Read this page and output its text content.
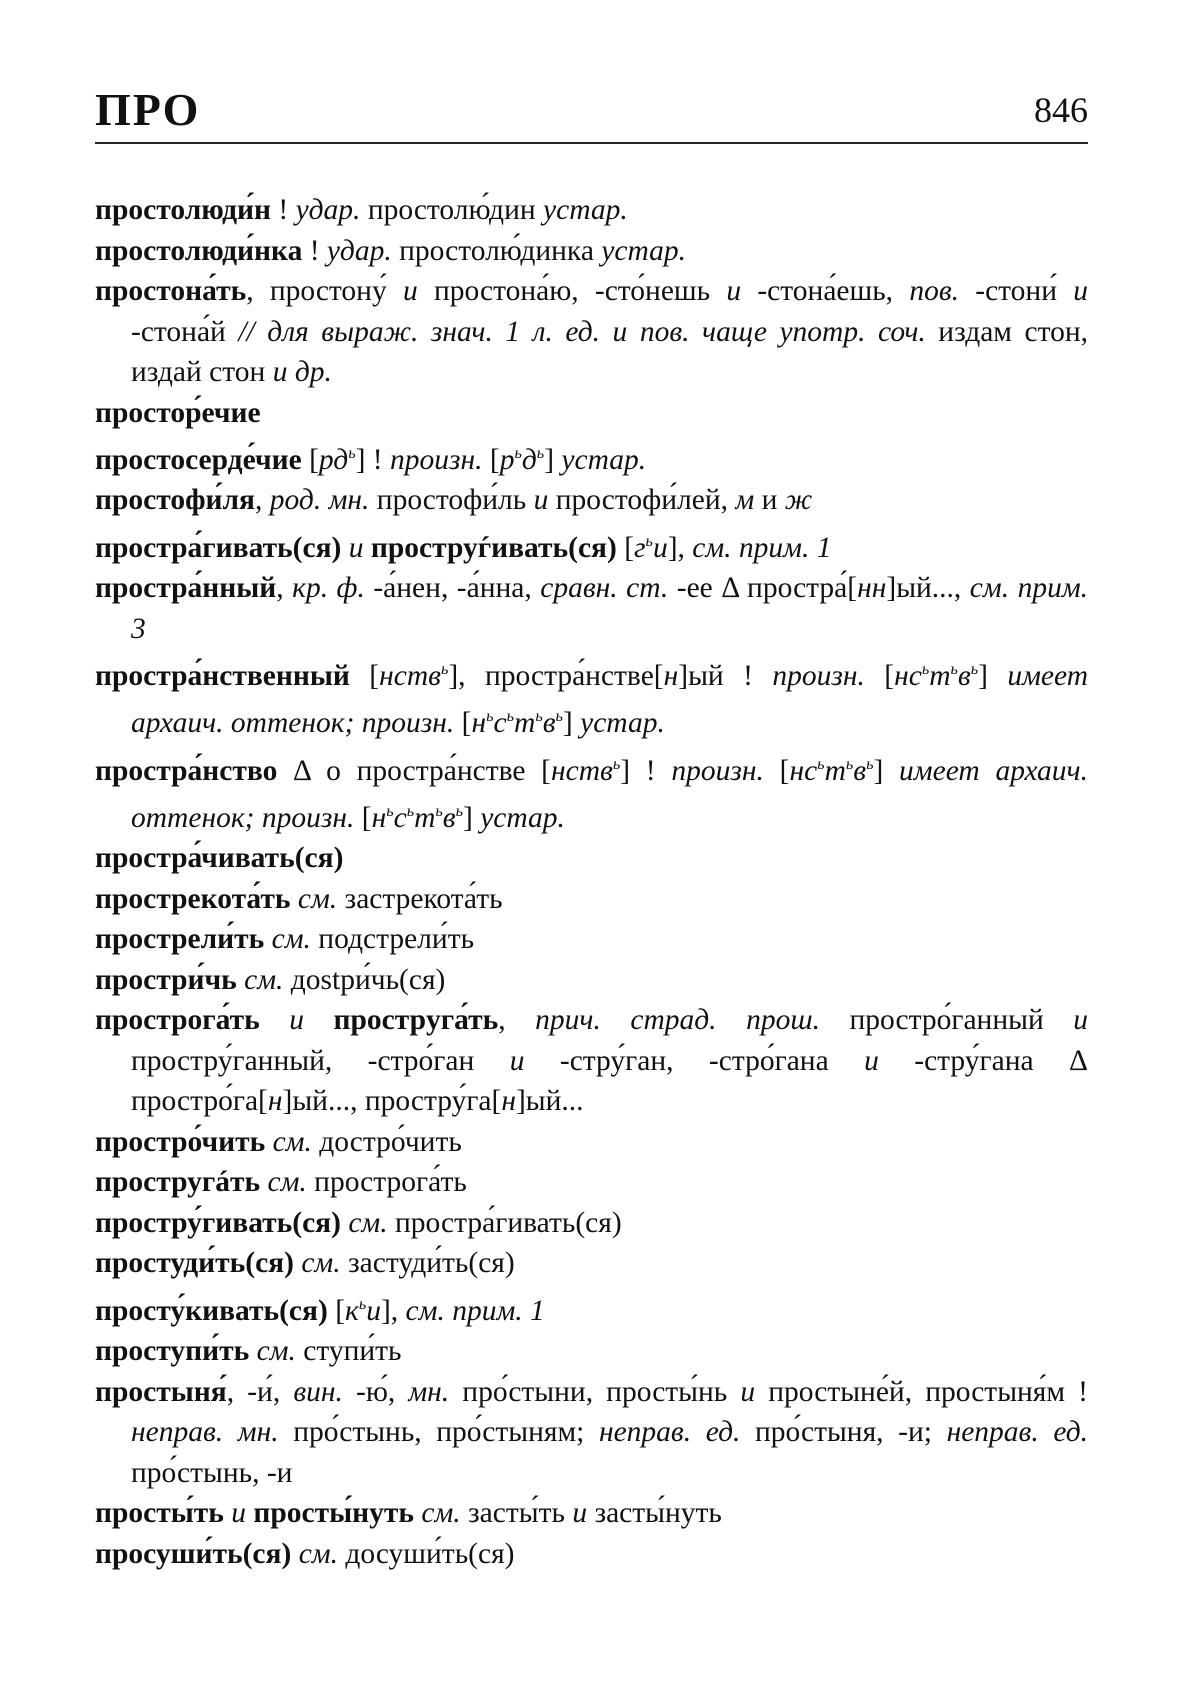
ПРО	846

простолюди́н ! удар. простолю́дин устар.

простолюди́нка ! удар. простолю́динка устар.

простона́ть, простону́ и простона́ю, -сто́нешь и -стона́ешь, пов. -стони́ и -стона́й // для выраж. знач. 1 л. ед. и пов. чаще употр. соч. издам стон, издай стон и др.

простор́ечие

простосерде́чие $[рд^ь]$ ! произн. $[р^ьд^ь]$ устар.

простофи́ля, род. мн. простофи́ль и простофи́лей, м и ж

простра́гивать(ся) и проструѓивать(ся) $[г^ьи]$, см. прим. 1

простра́нный, кр. ф. -а́нен, -а́нна, сравн. ст. -ее Δ простра́[нн]ый..., см. прим. 3

простра́нственный [нств$^ь$], простра́нстве[н]ый ! произн. $[нс^ьт^ьв^ь]$ имеет архаич. оттенок; произн. $[н^ьс^ьт^ьв^ь]$ устар.

простра́нство Δ о простра́нстве [нств$^ь$] ! произн. $[нс^ьт^ьв^ь]$ имеет архаич. оттенок; произн. $[н^ьс^ьт^ьв^ь]$ устар.

простра́чивать(ся)

прострекота́ть см. застрекота́ть

прострели́ть см. подстрели́ть

простри́чь см. дostри́чь(ся)

прострога́ть и прострyга́ть, прич. страд. прош. простро́ганный и простру́ганный, -стро́ган и -стру́ган, -стро́гана и -стру́гана Δ простро́га[н]ый..., простру́га[н]ый...

простро́чить см. достро́чить

простругáть см. прострога́ть

простру́гивать(ся) см. простра́гивать(ся)

простуди́ть(ся) см. застуди́ть(ся)

просту́кивать(ся) $[к^ьи]$, см. прим. 1

проступи́ть см. ступи́ть

простыня́, -и́, вин. -ю́, мн. про́стыни, просты́нь и простыне́й, простыня́м ! неправ. мн. про́стынь, про́стыням; неправ. ед. про́стыня, -и; неправ. ед. про́стынь, -и

просты́ть и просты́нуть см. засты́ть и засты́нуть

просуши́ть(ся) см. досуши́ть(ся)
